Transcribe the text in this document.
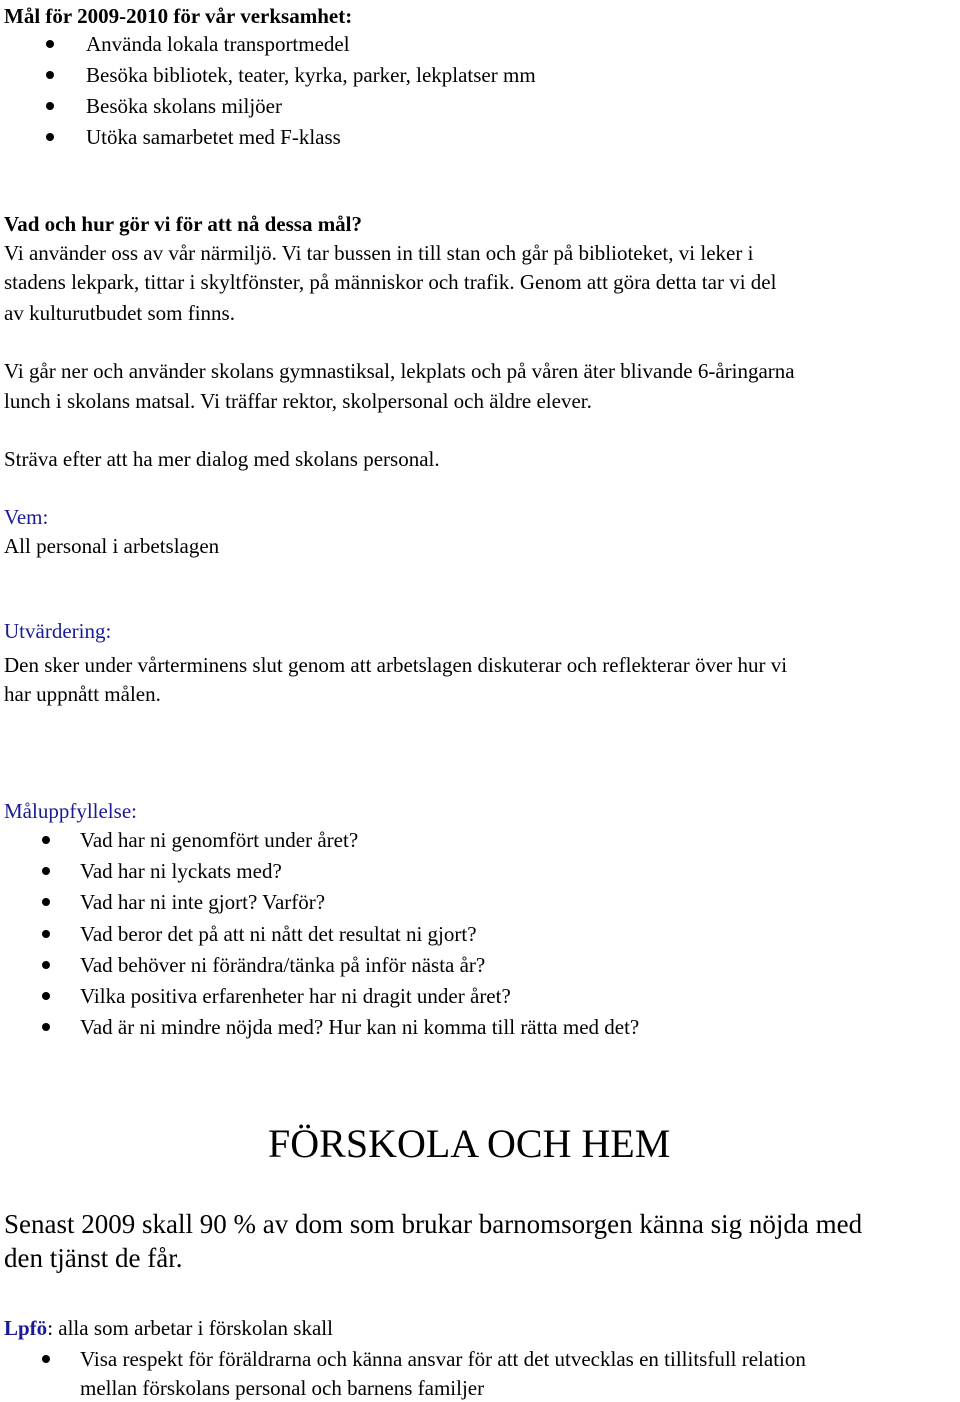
Mål för 2009-2010 för vår verksamhet:
Använda lokala transportmedel
Besöka bibliotek, teater, kyrka, parker, lekplatser mm
Besöka skolans miljöer
Utöka samarbetet med F-klass
Vad och hur gör vi för att nå dessa mål?
Vi använder oss av vår närmiljö. Vi tar bussen in till stan och går på biblioteket, vi leker i
stadens lekpark, tittar i skyltfönster, på människor och trafik. Genom att göra detta tar vi del
av kulturutbudet som finns.
Vi går ner och använder skolans gymnastiksal, lekplats och på våren äter blivande 6-åringarna
lunch i skolans matsal. Vi träffar rektor, skolpersonal och äldre elever.
Sträva efter att ha mer dialog med skolans personal.
Vem:
All personal i arbetslagen
Utvärdering:
Den sker under vårterminens slut genom att arbetslagen diskuterar och reflekterar över hur vi
har uppnått målen.
Måluppfyllelse:
Vad har ni genomfört under året?
Vad har ni lyckats med?
Vad har ni inte gjort? Varför?
Vad beror det på att ni nått det resultat ni gjort?
Vad behöver ni förändra/tänka på inför nästa år?
Vilka positiva erfarenheter har ni dragit under året?
Vad är ni mindre nöjda med? Hur kan ni komma till rätta med det?
FÖRSKOLA OCH HEM
Senast 2009 skall 90 % av dom som brukar barnomsorgen känna sig nöjda med
den tjänst de får.
Lpfö: alla som arbetar i förskolan skall
Visa respekt för föräldrarna och känna ansvar för att det utvecklas en tillitsfull relation
mellan förskolans personal och barnens familjer
